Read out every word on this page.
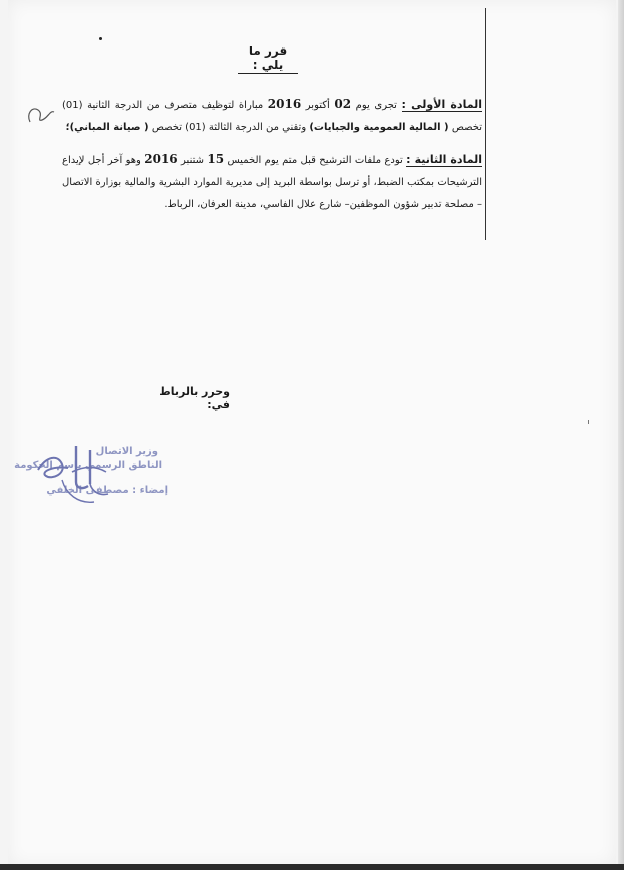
قرر ما يلي :
المادة الأولى : تجرى يوم 02 أكتوبر 2016 مباراة لتوظيف متصرف من الدرجة الثانية (01) تخصص ( المالية العمومية والجبايات) وتقني من الدرجة الثالثة (01) تخصص ( صيانة المباني)؛
المادة الثانية : تودع ملفات الترشيح قبل متم يوم الخميس 15 شتنبر 2016 وهو آخر أجل لإيداع الترشيحات بمكتب الضبط، أو ترسل بواسطة البريد إلى مديرية الموارد البشرية والمالية بوزارة الاتصال – مصلحة تدبير شؤون الموظفين– شارع علال الفاسي، مدينة العرفان، الرباط.
وحرر بالرباط في:
وزير الاتصال
الناطق الرسمي باسم الحكومة
إمضاء : مصطفى الخلفي
